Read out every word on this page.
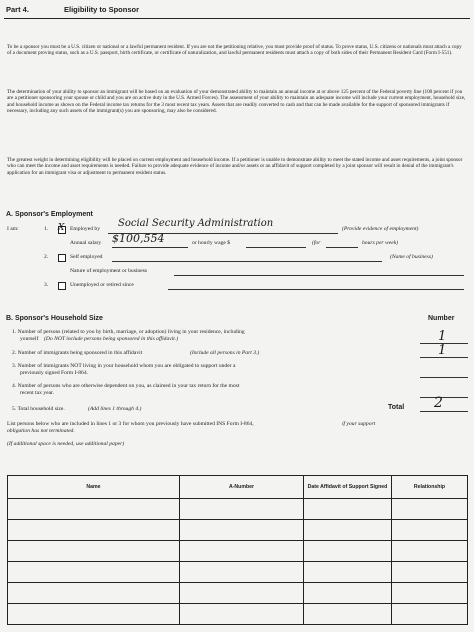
Part 4.	Eligibility to Sponsor

To be a sponsor you must be a U.S. citizen or national or a lawful permanent resident. If you are not the petitioning relative, you must provide proof of status. To prove status, U.S. citizens or nationals must attach a copy of a document proving status, such as a U.S. passport, birth certificate, or certificate of naturalization, and lawful permanent residents must attach a copy of both sides of their Permanent Resident Card (Form I-551).

The determination of your ability to sponsor an immigrant will be based on an evaluation of your demonstrated ability to maintain an annual income at or above 125 percent of the Federal poverty line (100 percent if you are a petitioner sponsoring your spouse or child and you are on active duty in the U.S. Armed Forces). The assessment of your ability to maintain an adequate income will include your current employment, household size, and household income as shown on the Federal income tax returns for the 3 most recent tax years. Assets that are readily converted to cash and that can be made available for the support of sponsored immigrants if necessary, including any such assets of the immigrant(s) you are sponsoring, may also be considered.

The greatest weight in determining eligibility will be placed on current employment and household income. If a petitioner is unable to demonstrate ability to meet the stated income and asset requirements, a joint sponsor who can meet the income and asset requirements is needed. Failure to provide adequate evidence of income and/or assets or an affidavit of support completed by a joint sponsor will result in denial of the immigrant's application for an immigrant visa or adjustment to permanent resident status.

A. Sponsor's Employment
I am:	1. X Employed by Social Security Administration	(Provide evidence of employment)
Annual salary $100,554	or hourly wage $	(for	hours per week)
2.	Self employed	(Name of business)
Nature of employment or business
3.	Unemployed or retired since
B. Sponsor's Household Size	Number
1. Number of persons (related to you by birth, marriage, or adoption) living in your residence, including
yourself (Do NOT include persons being sponsored in this affidavit.)	1
2. Number of immigrants being sponsored in this affidavit	(Include all persons in Part 3.)	1
3. Number of immigrants NOT living in your household whom you are obligated to support under a
previously signed Form I-864.
4. Number of persons who are otherwise dependent on you, as claimed in your tax return for the most
recent tax year.
5. Total household size.	(Add lines 1 through 4.)	Total 2
List persons below who are included in lines 1 or 3 for whom you previously have submitted INS Form I-864,	if your support
obligation has not terminated.
(If additional space is needed, use additional paper)
Name	A-Number	Date Affidavit of Support Signed	Relationship
